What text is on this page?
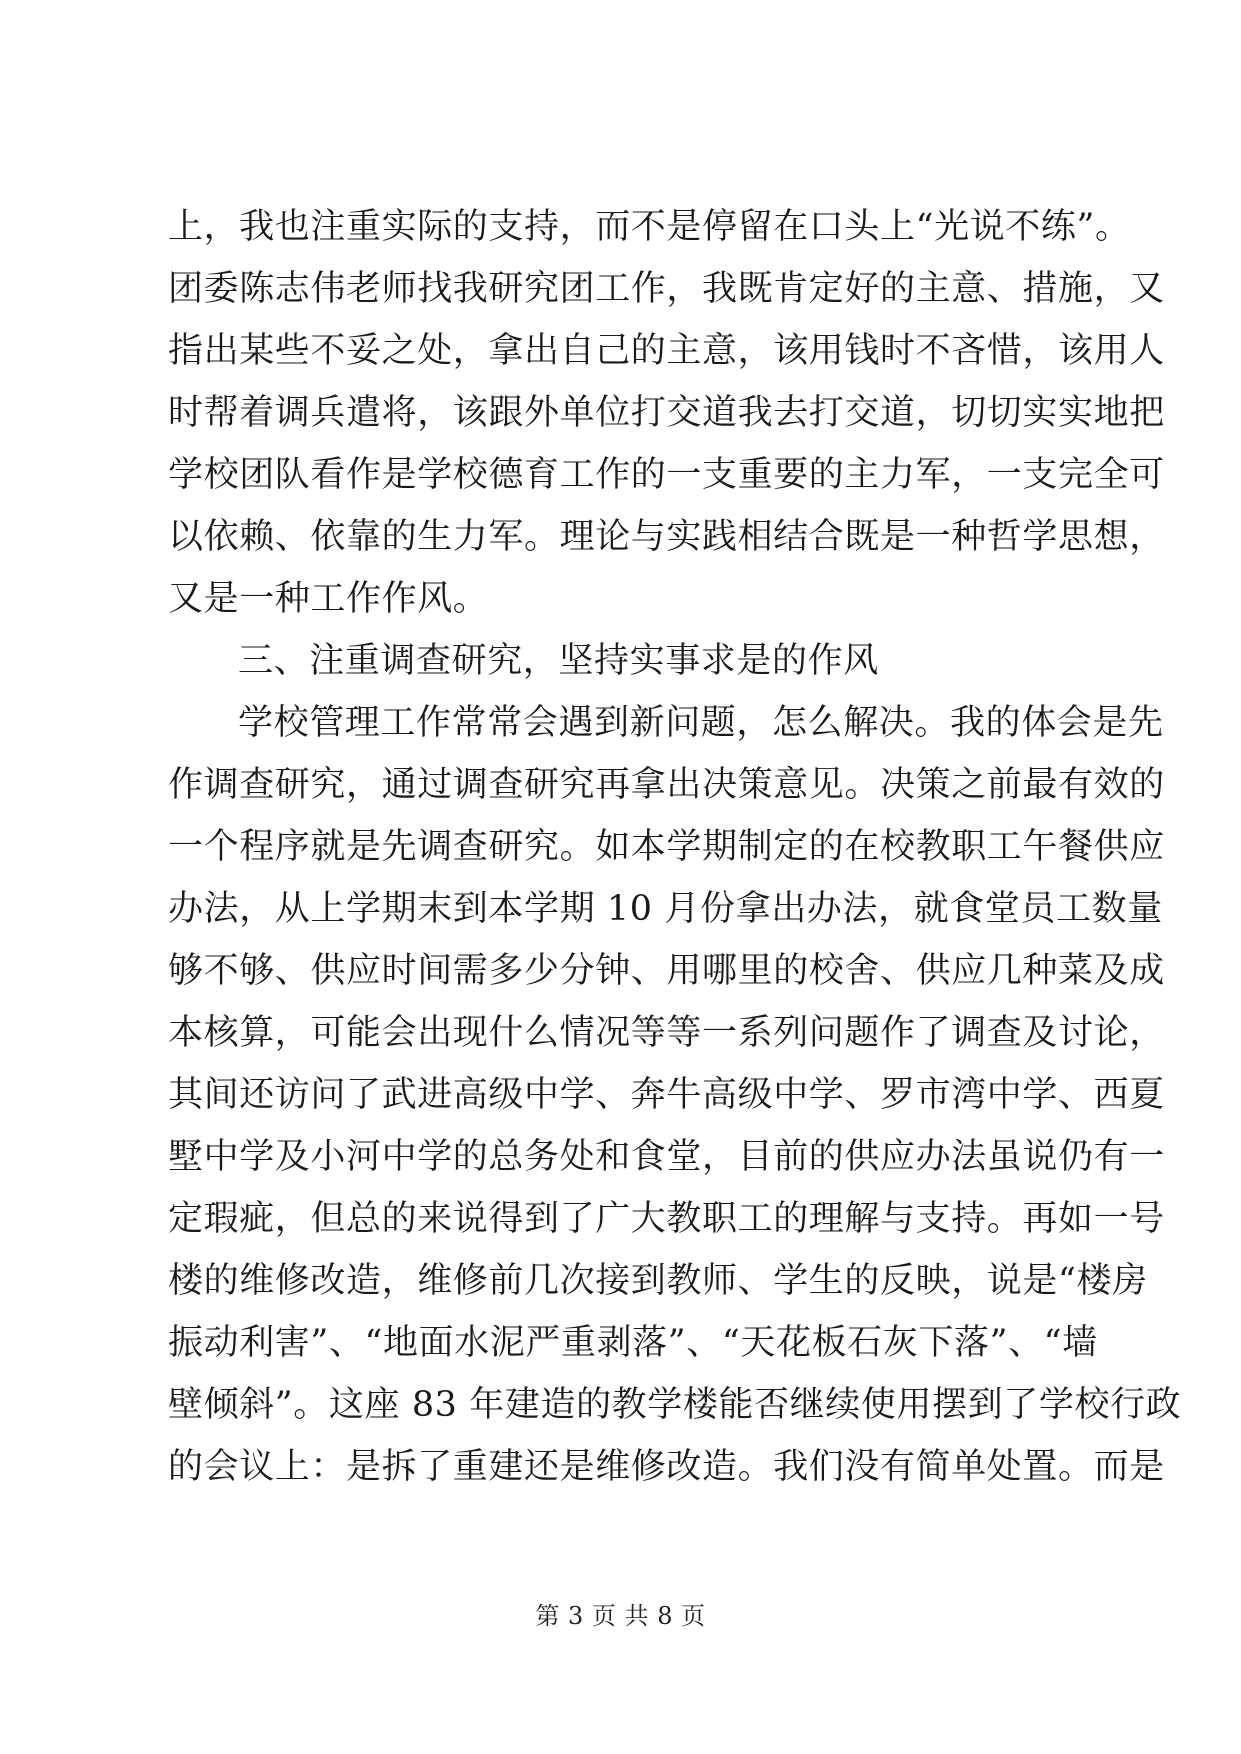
上，我也注重实际的支持，而不是停留在口头上“光说不练”。
团委陈志伟老师找我研究团工作，我既肯定好的主意、措施，又
指出某些不妥之处，拿出自己的主意，该用钱时不吝惜，该用人
时帮着调兵遣将，该跟外单位打交道我去打交道，切切实实地把
学校团队看作是学校德育工作的一支重要的主力军，一支完全可
以依赖、依靠的生力军。理论与实践相结合既是一种哲学思想，
又是一种工作作风。
三、注重调查研究，坚持实事求是的作风
学校管理工作常常会遇到新问题，怎么解决。我的体会是先
作调查研究，通过调查研究再拿出决策意见。决策之前最有效的
一个程序就是先调查研究。如本学期制定的在校教职工午餐供应
办法，从上学期末到本学期 10 月份拿出办法，就食堂员工数量
够不够、供应时间需多少分钟、用哪里的校舍、供应几种菜及成
本核算，可能会出现什么情况等等一系列问题作了调查及讨论，
其间还访问了武进高级中学、奔牛高级中学、罗市湾中学、西夏
墅中学及小河中学的总务处和食堂，目前的供应办法虽说仍有一
定瑕疵，但总的来说得到了广大教职工的理解与支持。再如一号
楼的维修改造，维修前几次接到教师、学生的反映，说是“楼房
振动利害”、“地面水泥严重剥落”、“天花板石灰下落”、“墙
壁倾斜”。这座 83 年建造的教学楼能否继续使用摆到了学校行政
的会议上：是拆了重建还是维修改造。我们没有简单处置。而是
第 3 页 共 8 页
